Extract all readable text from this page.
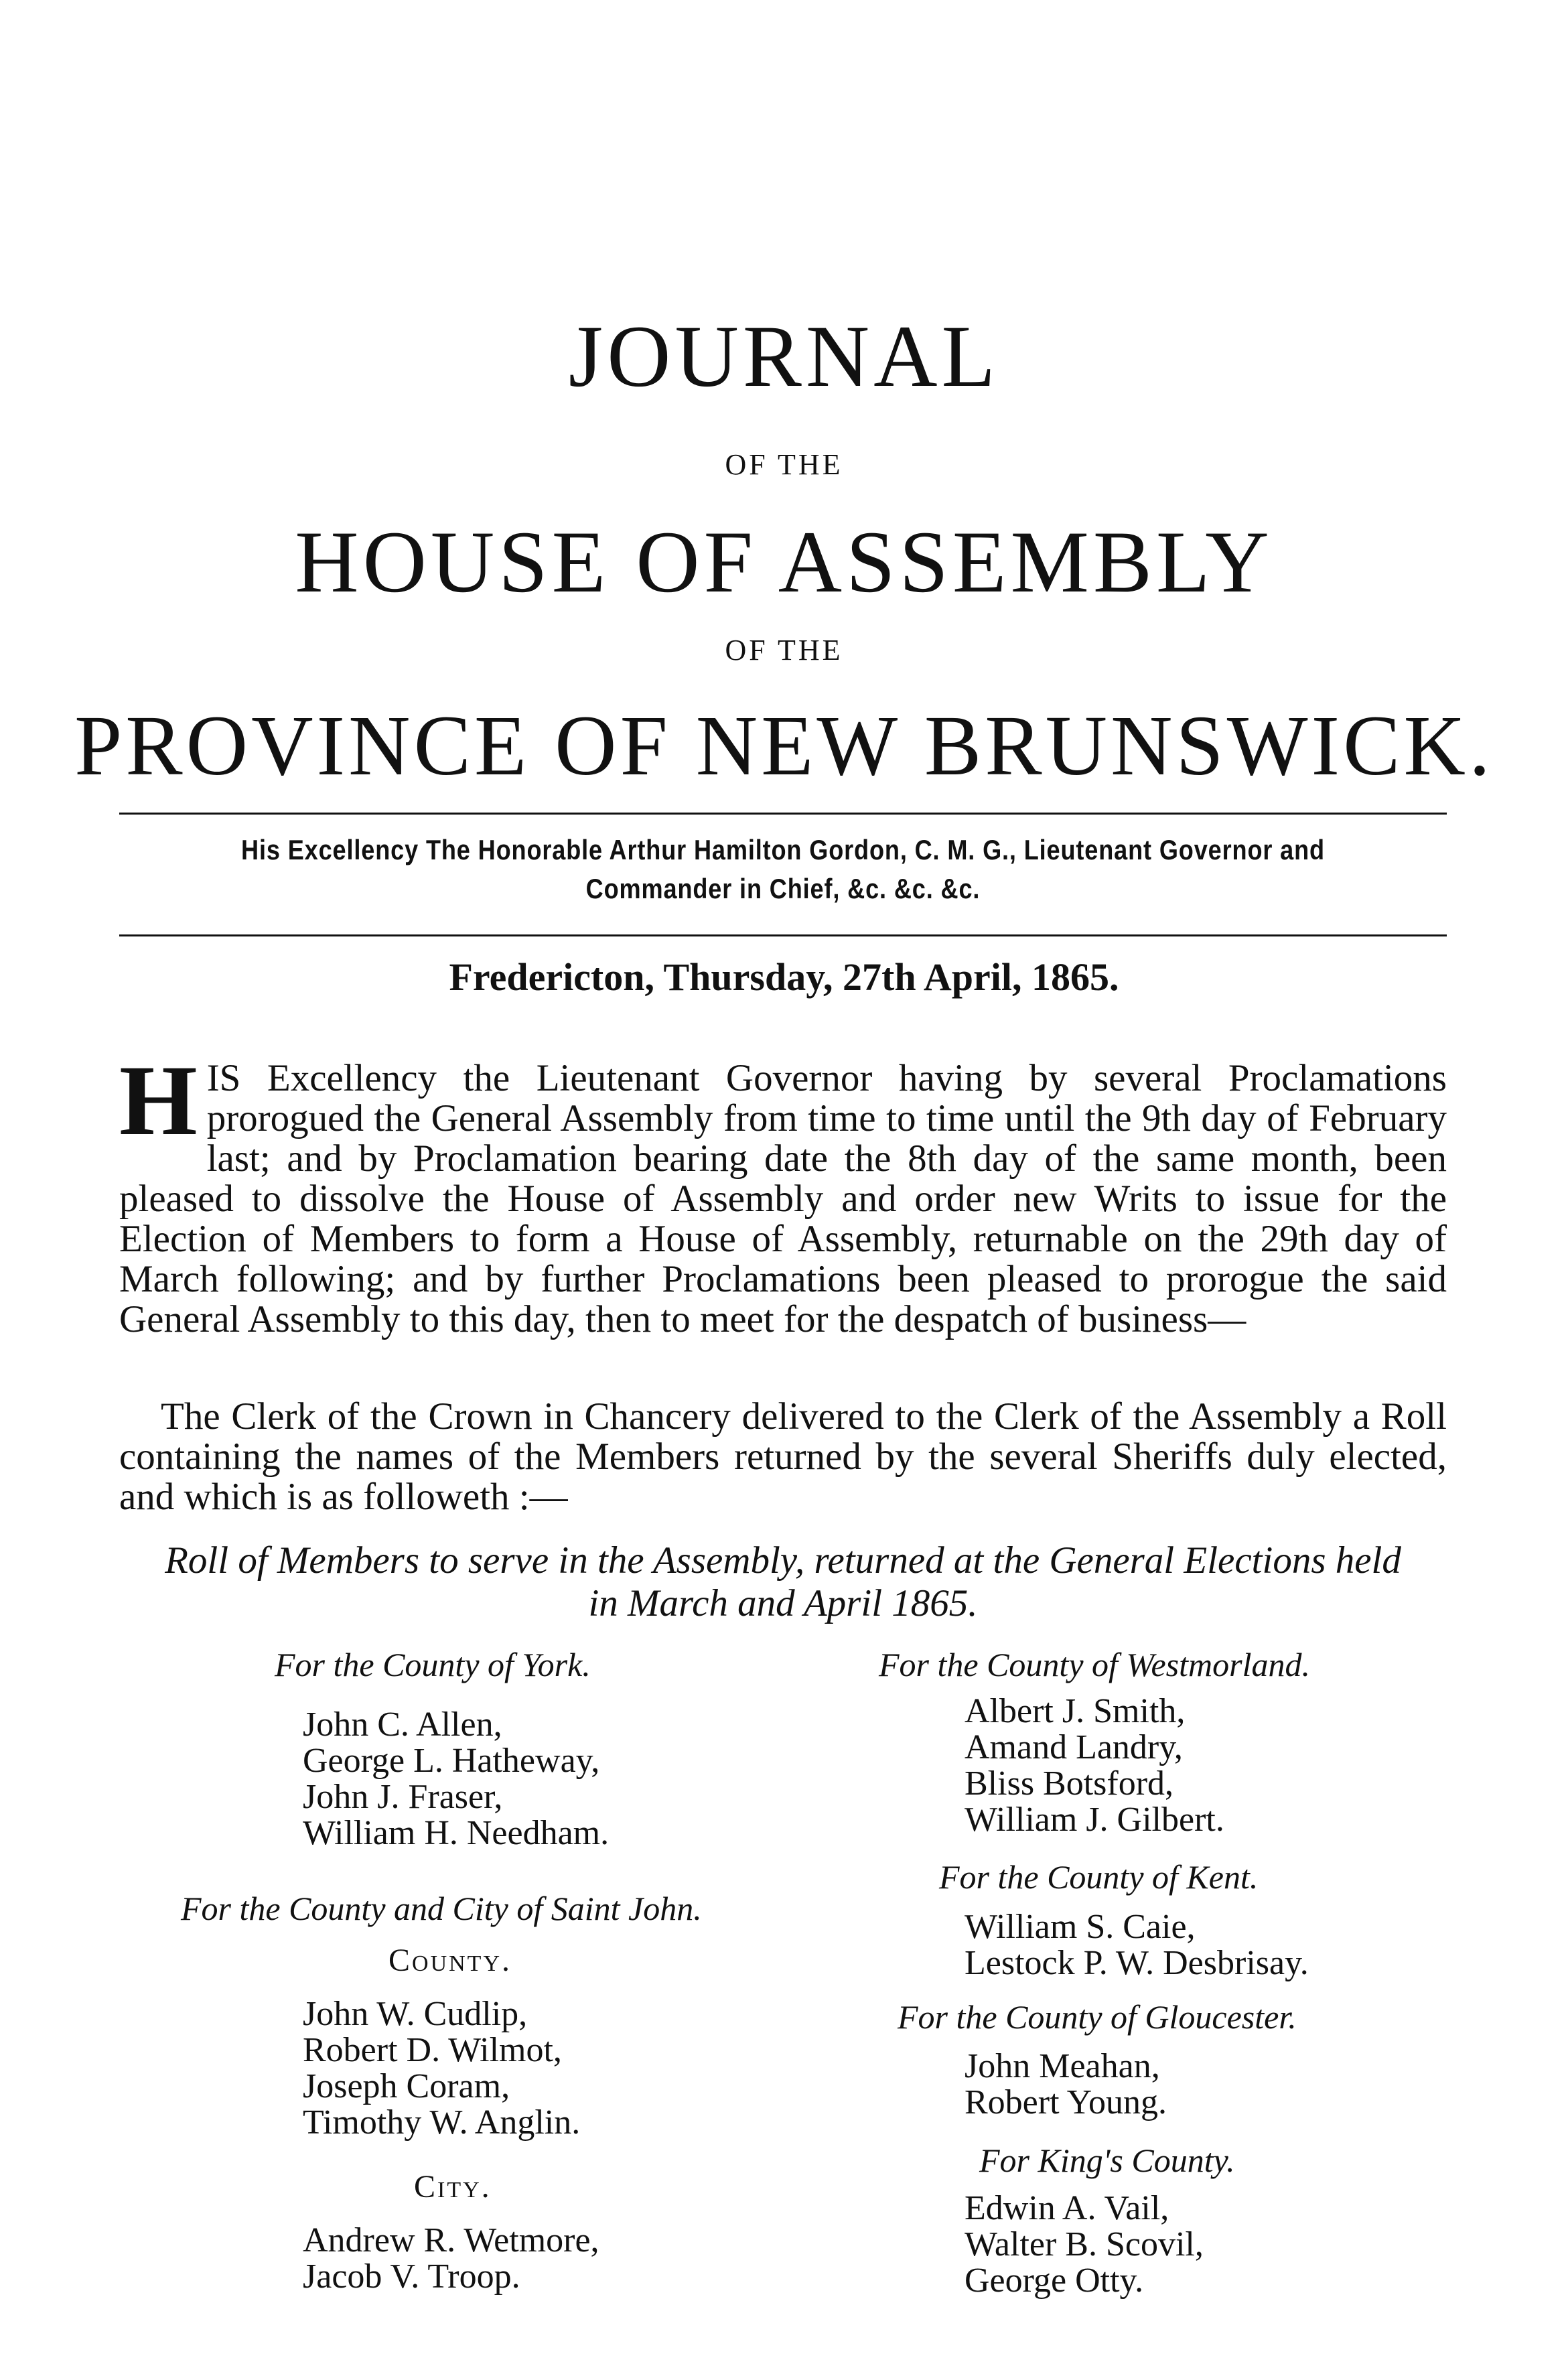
JOURNAL
OF THE
HOUSE OF ASSEMBLY
OF THE
PROVINCE OF NEW BRUNSWICK.
His Excellency The Honorable Arthur Hamilton Gordon, C. M. G., Lieutenant Governor and
Commander in Chief, &c. &c. &c.
Fredericton, Thursday, 27th April, 1865.
HIS Excellency the Lieutenant Governor having by several Proclamations prorogued the General Assembly from time to time until the 9th day of February last; and by Proclamation bearing date the 8th day of the same month, been pleased to dissolve the House of Assembly and order new Writs to issue for the Election of Members to form a House of Assembly, returnable on the 29th day of March following; and by further Proclamations been pleased to prorogue the said General Assembly to this day, then to meet for the despatch of business—
The Clerk of the Crown in Chancery delivered to the Clerk of the Assembly a Roll containing the names of the Members returned by the several Sheriffs duly elected, and which is as followeth :—
Roll of Members to serve in the Assembly, returned at the General Elections held
in March and April 1865.
For the County of York.
John C. Allen,
George L. Hatheway,
John J. Fraser,
William H. Needham.
For the County and City of Saint John.
County.
John W. Cudlip,
Robert D. Wilmot,
Joseph Coram,
Timothy W. Anglin.
City.
Andrew R. Wetmore,
Jacob V. Troop.
For the County of Westmorland.
Albert J. Smith,
Amand Landry,
Bliss Botsford,
William J. Gilbert.
For the County of Kent.
William S. Caie,
Lestock P. W. Desbrisay.
For the County of Gloucester.
John Meahan,
Robert Young.
For King's County.
Edwin A. Vail,
Walter B. Scovil,
George Otty.
